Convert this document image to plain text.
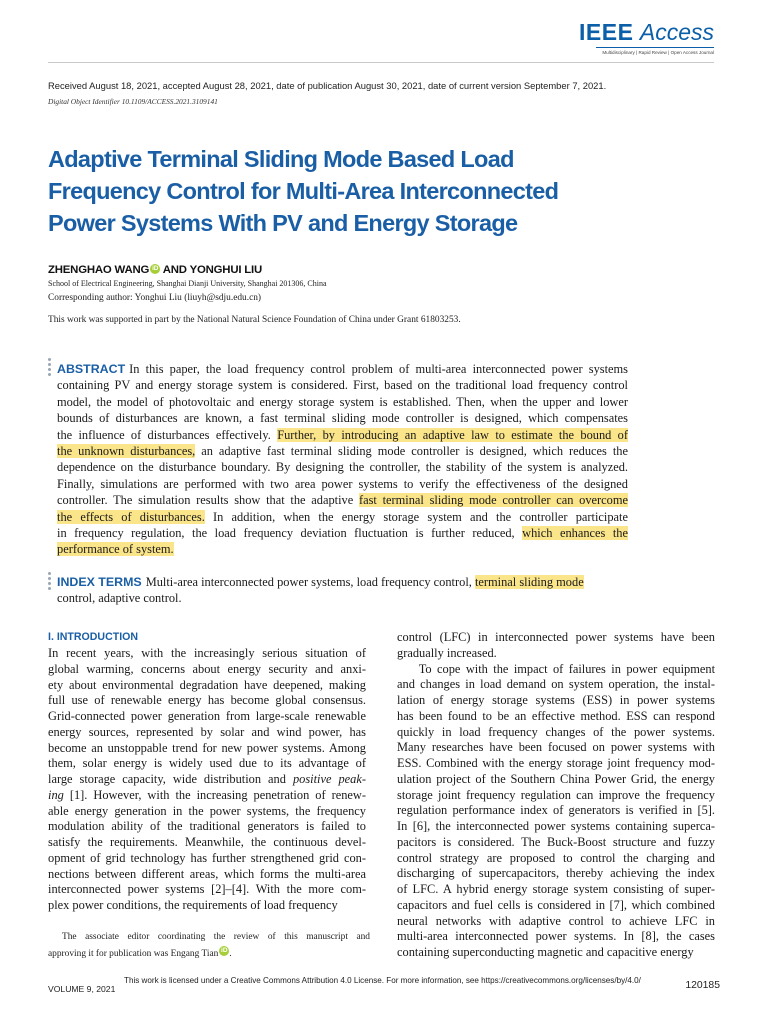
IEEE Access
Multidisciplinary | Rapid Review | Open Access Journal
Received August 18, 2021, accepted August 28, 2021, date of publication August 30, 2021, date of current version September 7, 2021.
Digital Object Identifier 10.1109/ACCESS.2021.3109141
Adaptive Terminal Sliding Mode Based Load
Frequency Control for Multi-Area Interconnected
Power Systems With PV and Energy Storage
ZHENGHAO WANG iD AND YONGHUI LIU
School of Electrical Engineering, Shanghai Dianji University, Shanghai 201306, China
Corresponding author: Yonghui Liu (liuyh@sdju.edu.cn)
This work was supported in part by the National Natural Science Foundation of China under Grant 61803253.
ABSTRACT In this paper, the load frequency control problem of multi-area interconnected power systems
containing PV and energy storage system is considered. First, based on the traditional load frequency control
model, the model of photovoltaic and energy storage system is established. Then, when the upper and lower
bounds of disturbances are known, a fast terminal sliding mode controller is designed, which compensates
the influence of disturbances effectively. Further, by introducing an adaptive law to estimate the bound of
the unknown disturbances, an adaptive fast terminal sliding mode controller is designed, which reduces the
dependence on the disturbance boundary. By designing the controller, the stability of the system is analyzed.
Finally, simulations are performed with two area power systems to verify the effectiveness of the designed
controller. The simulation results show that the adaptive fast terminal sliding mode controller can overcome
the effects of disturbances. In addition, when the energy storage system and the controller participate
in frequency regulation, the load frequency deviation fluctuation is further reduced, which enhances the
performance of system.
INDEX TERMS Multi-area interconnected power systems, load frequency control, terminal sliding mode
control, adaptive control.
I. INTRODUCTION
In recent years, with the increasingly serious situation of
global warming, concerns about energy security and anxi-
ety about environmental degradation have deepened, making
full use of renewable energy has become global consensus.
Grid-connected power generation from large-scale renewable
energy sources, represented by solar and wind power, has
become an unstoppable trend for new power systems. Among
them, solar energy is widely used due to its advantage of
large storage capacity, wide distribution and positive peak-
ing [1]. However, with the increasing penetration of renew-
able energy generation in the power systems, the frequency
modulation ability of the traditional generators is failed to
satisfy the requirements. Meanwhile, the continuous devel-
opment of grid technology has further strengthened grid con-
nections between different areas, which forms the multi-area
interconnected power systems [2]–[4]. With the more com-
plex power conditions, the requirements of load frequency
control (LFC) in interconnected power systems have been
gradually increased.
To cope with the impact of failures in power equipment
and changes in load demand on system operation, the instal-
lation of energy storage systems (ESS) in power systems
has been found to be an effective method. ESS can respond
quickly in load frequency changes of the power systems.
Many researches have been focused on power systems with
ESS. Combined with the energy storage joint frequency mod-
ulation project of the Southern China Power Grid, the energy
storage joint frequency regulation can improve the frequency
regulation performance index of generators is verified in [5].
In [6], the interconnected power systems containing superca-
pacitors is considered. The Buck-Boost structure and fuzzy
control strategy are proposed to control the charging and
discharging of supercapacitors, thereby achieving the index
of LFC. A hybrid energy storage system consisting of super-
capacitors and fuel cells is considered in [7], which combined
neural networks with adaptive control to achieve LFC in
multi-area interconnected power systems. In [8], the cases
containing superconducting magnetic and capacitive energy
The associate editor coordinating the review of this manuscript and
approving it for publication was Engang Tian iD .
VOLUME 9, 2021
This work is licensed under a Creative Commons Attribution 4.0 License. For more information, see https://creativecommons.org/licenses/by/4.0/	120185
